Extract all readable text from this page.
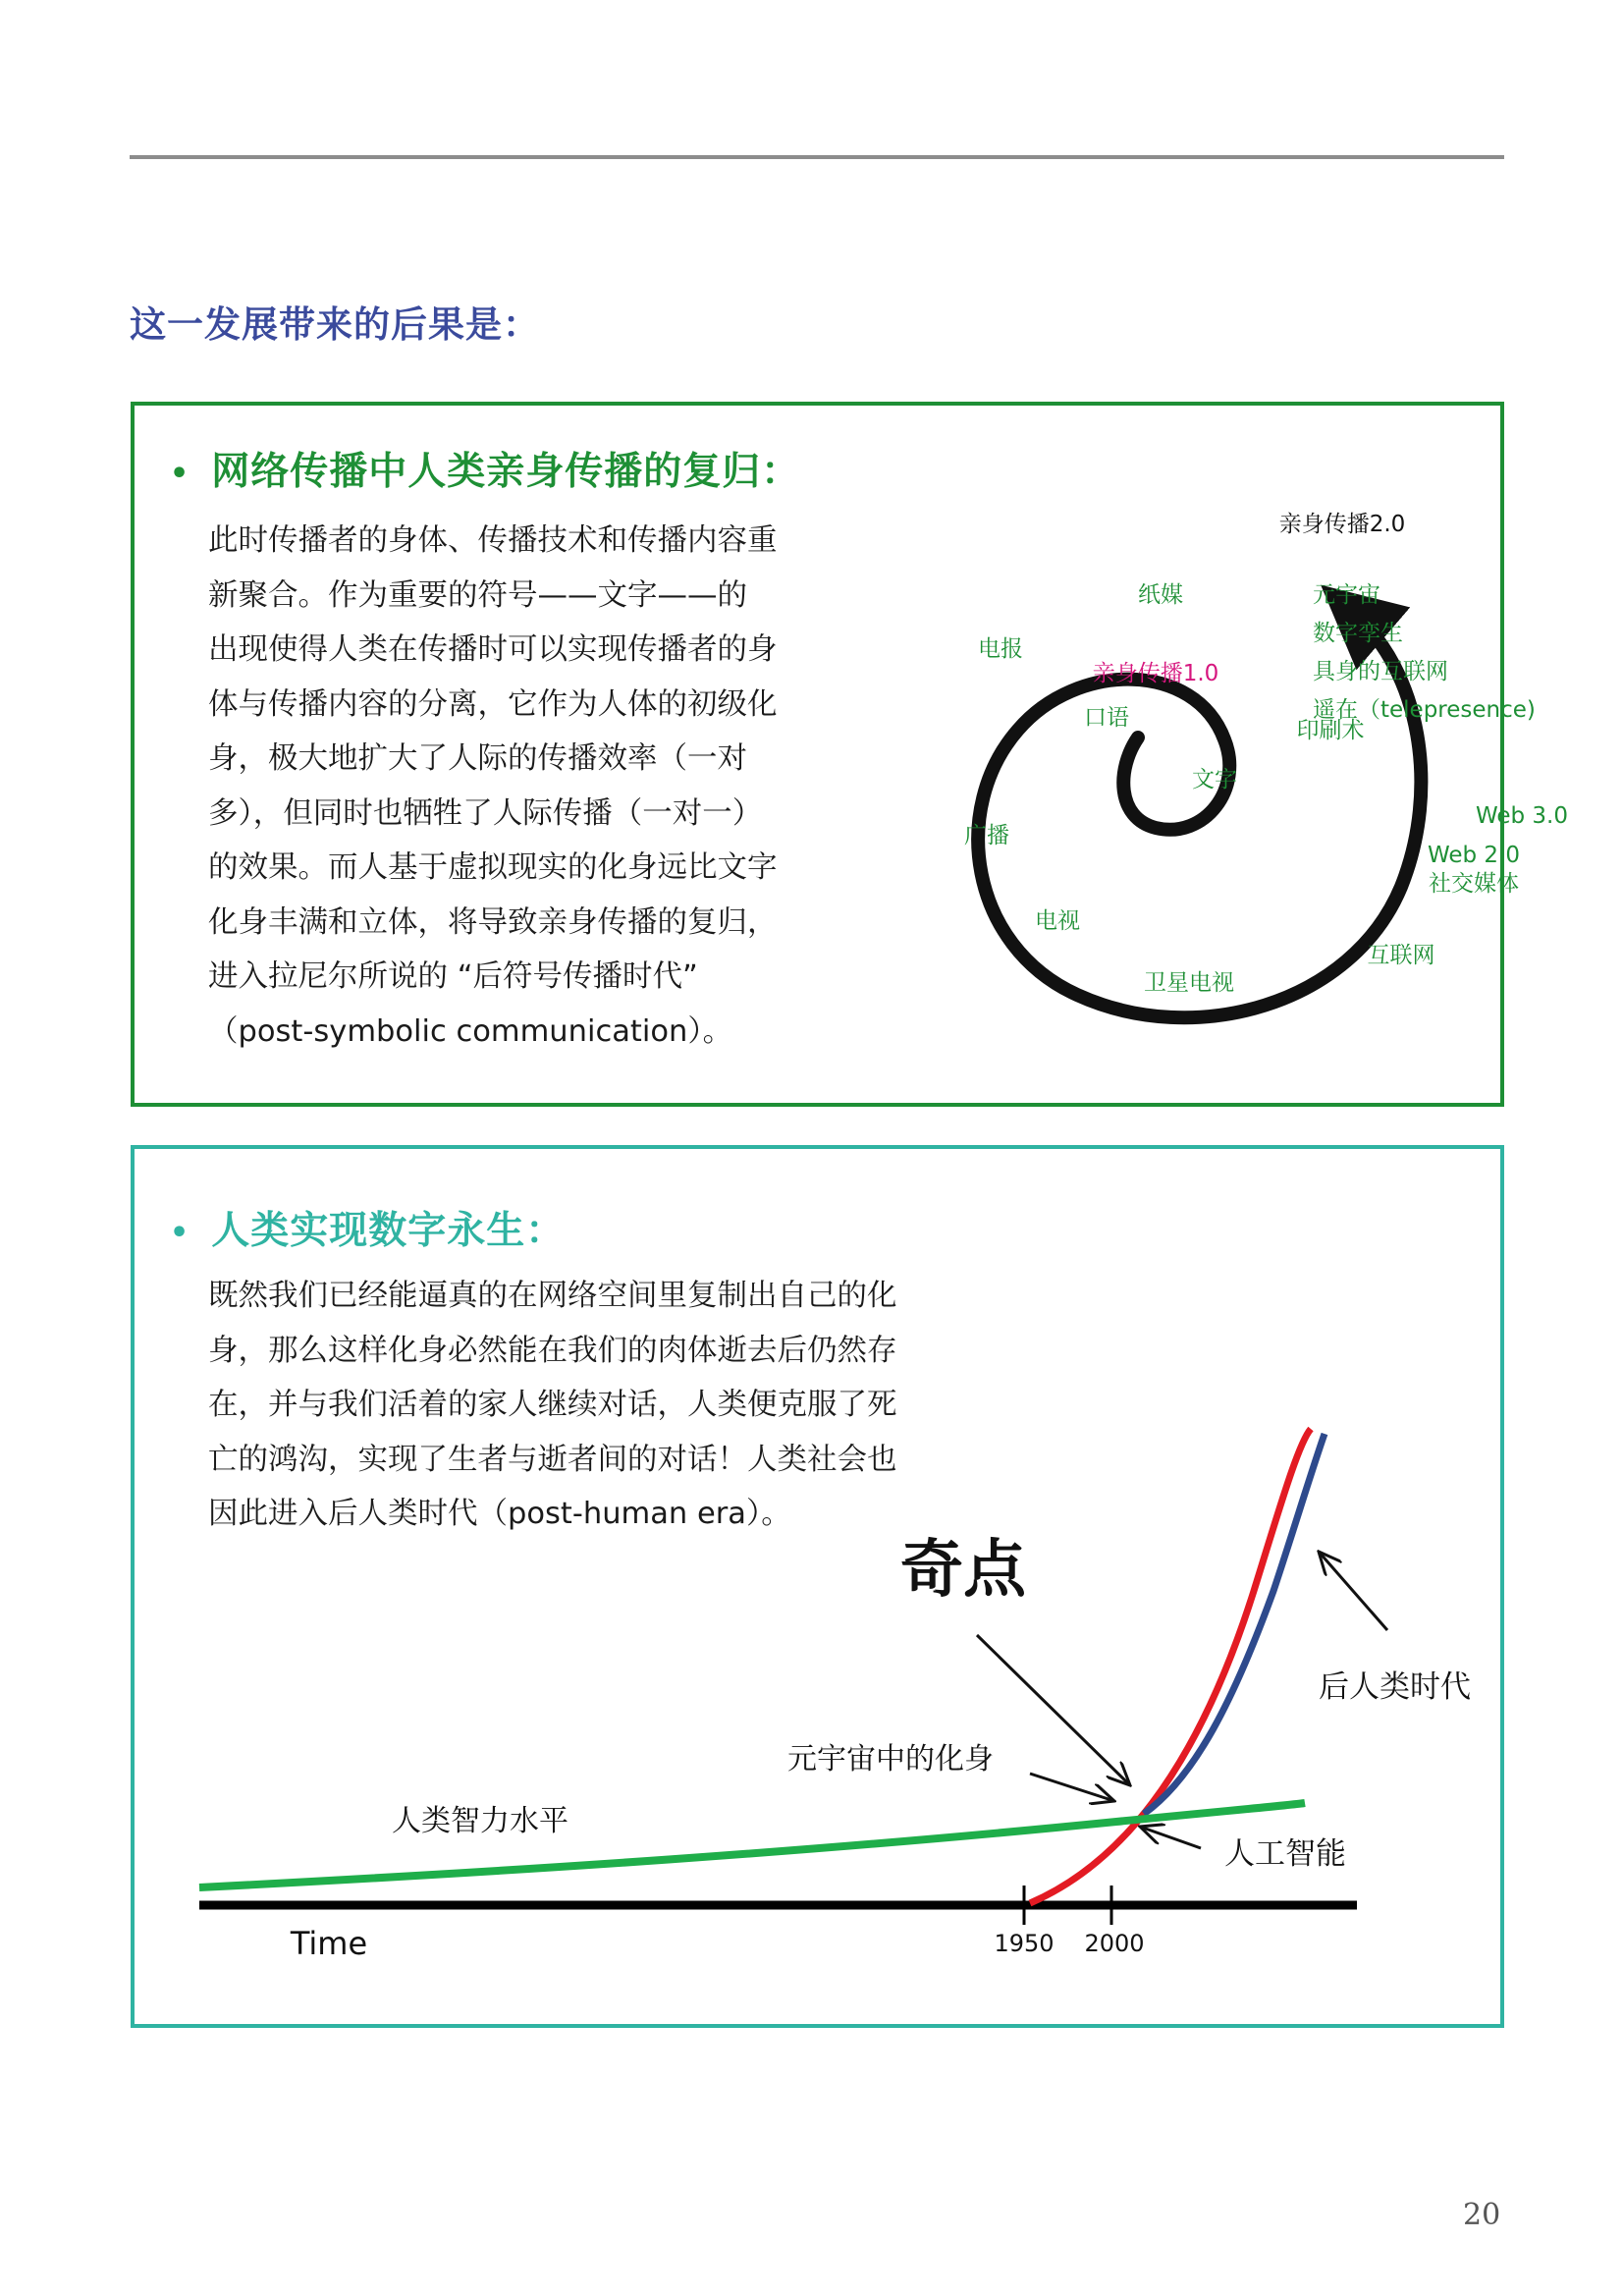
这一发展带来的后果是：
• 网络传播中人类亲身传播的复归：
此时传播者的身体、传播技术和传播内容重
新聚合。作为重要的符号——文字——的
出现使得人类在传播时可以实现传播者的身
体与传播内容的分离，它作为人体的初级化
身，极大地扩大了人际的传播效率（一对
多），但同时也牺牲了人际传播（一对一）
的效果。而人基于虚拟现实的化身远比文字
化身丰满和立体，将导致亲身传播的复归，
进入拉尼尔所说的 “后符号传播时代”
（post-symbolic communication）。
亲身传播2.0
亲身传播1.0
口语
文字
印刷术
纸媒
电报
广播
电视
卫星电视
互联网
Web 2.0
社交媒体
Web 3.0
元宇宙
数字孪生
具身的互联网
遥在（telepresence)
• 人类实现数字永生：
既然我们已经能逼真的在网络空间里复制出自己的化
身，那么这样化身必然能在我们的肉体逝去后仍然存
在，并与我们活着的家人继续对话，人类便克服了死
亡的鸿沟，实现了生者与逝者间的对话！人类社会也
因此进入后人类时代（post-human era）。
奇点
元宇宙中的化身
人类智力水平
人工智能
后人类时代
Time	1950 2000
20
